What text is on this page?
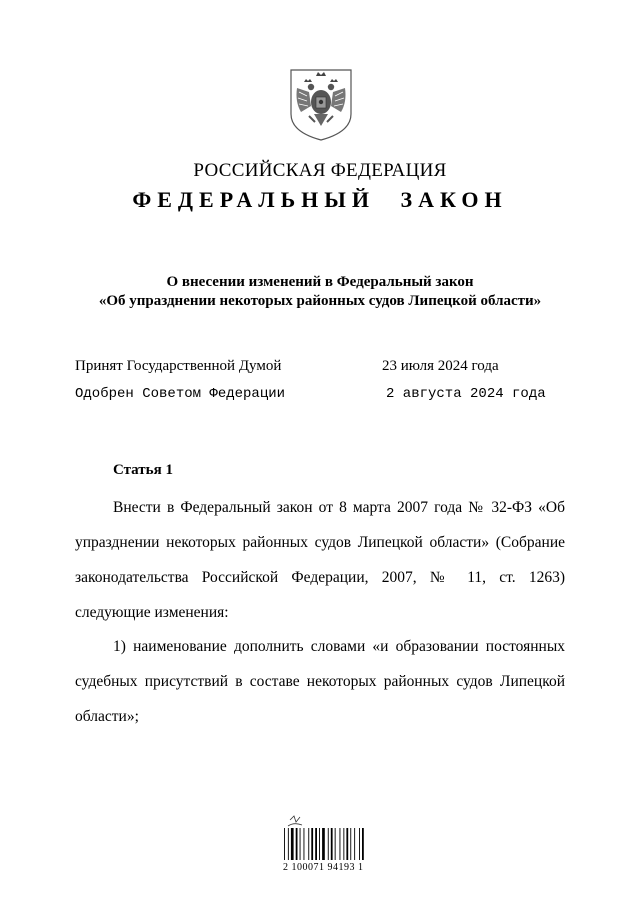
РОССИЙСКАЯ ФЕДЕРАЦИЯ
ФЕДЕРАЛЬНЫЙ ЗАКОН
О внесении изменений в Федеральный закон
«Об упразднении некоторых районных судов Липецкой области»
Принят Государственной Думой	23 июля 2024 года
Одобрен Советом Федерации	2 августа 2024 года
Статья 1

Внести в Федеральный закон от 8 марта 2007 года № 32-ФЗ «Об упразднении некоторых районных судов Липецкой области» (Собрание законодательства Российской Федерации, 2007, № 11, ст. 1263) следующие изменения:

1) наименование дополнить словами «и образовании постоянных судебных присутствий в составе некоторых районных судов Липецкой области»;

2 100071 94193 1
